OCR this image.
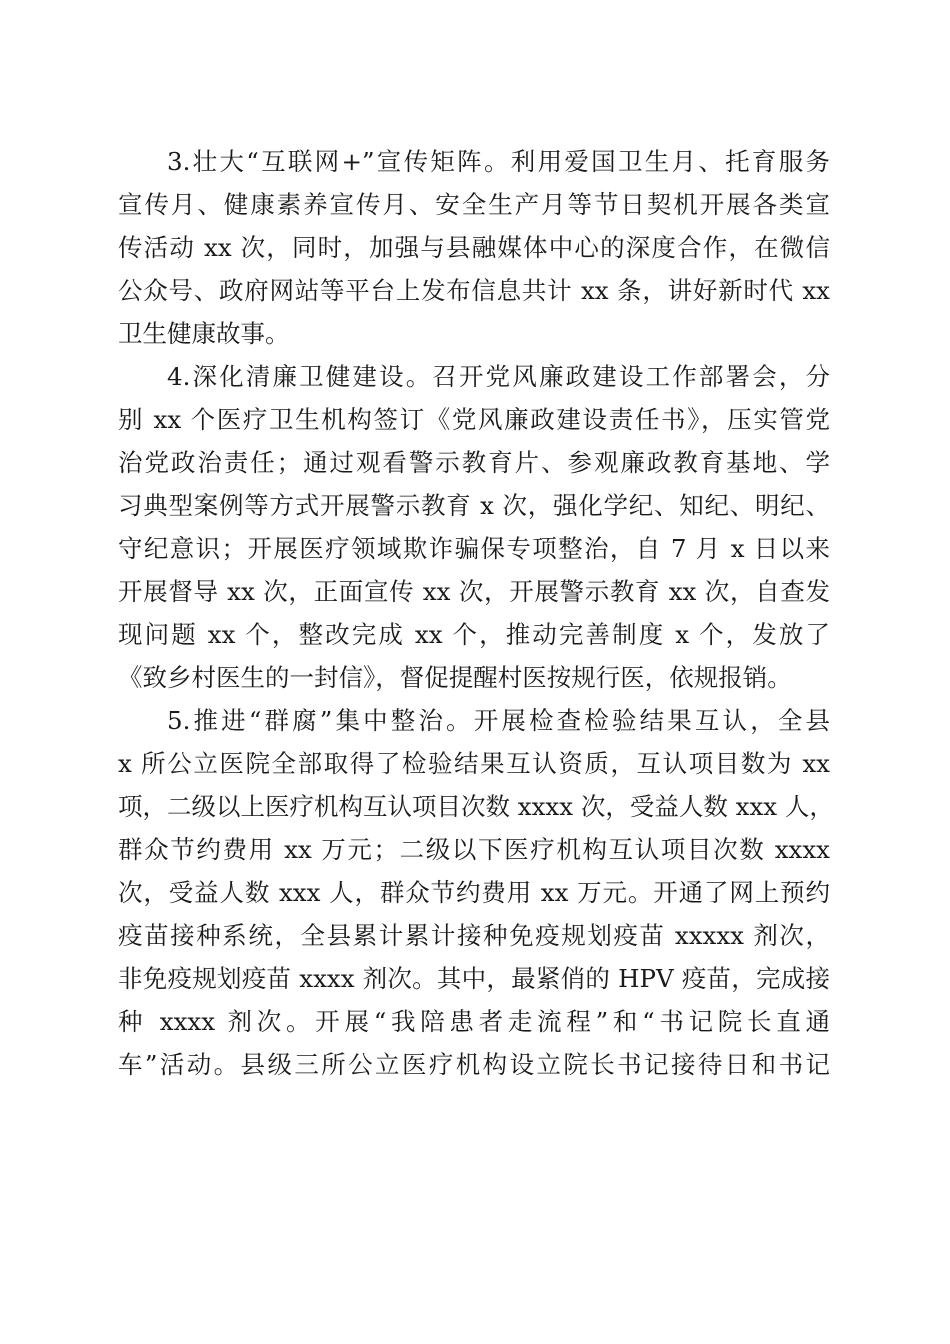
3.壮大“互联网+”宣传矩阵。利用爱国卫生月、托育服务
宣传月、健康素养宣传月、安全生产月等节日契机开展各类宣
传活动 xx 次，同时，加强与县融媒体中心的深度合作，在微信
公众号、政府网站等平台上发布信息共计 xx 条，讲好新时代 xx
卫生健康故事。
4.深化清廉卫健建设。召开党风廉政建设工作部署会，分
别 xx 个医疗卫生机构签订《党风廉政建设责任书》，压实管党
治党政治责任；通过观看警示教育片、参观廉政教育基地、学
习典型案例等方式开展警示教育 x 次，强化学纪、知纪、明纪、
守纪意识；开展医疗领域欺诈骗保专项整治，自 7 月 x 日以来
开展督导 xx 次，正面宣传 xx 次，开展警示教育 xx 次，自查发
现问题 xx 个，整改完成 xx 个，推动完善制度 x 个，发放了
《致乡村医生的一封信》，督促提醒村医按规行医，依规报销。
5.推进“群腐”集中整治。开展检查检验结果互认，全县
x 所公立医院全部取得了检验结果互认资质，互认项目数为 xx
项，二级以上医疗机构互认项目次数 xxxx 次，受益人数 xxx 人，
群众节约费用 xx 万元；二级以下医疗机构互认项目次数 xxxx
次，受益人数 xxx 人，群众节约费用 xx 万元。开通了网上预约
疫苗接种系统，全县累计累计接种免疫规划疫苗 xxxxx 剂次，
非免疫规划疫苗 xxxx 剂次。其中，最紧俏的 HPV 疫苗，完成接
种 xxxx 剂次。开展“我陪患者走流程”和“书记院长直通
车”活动。县级三所公立医疗机构设立院长书记接待日和书记
